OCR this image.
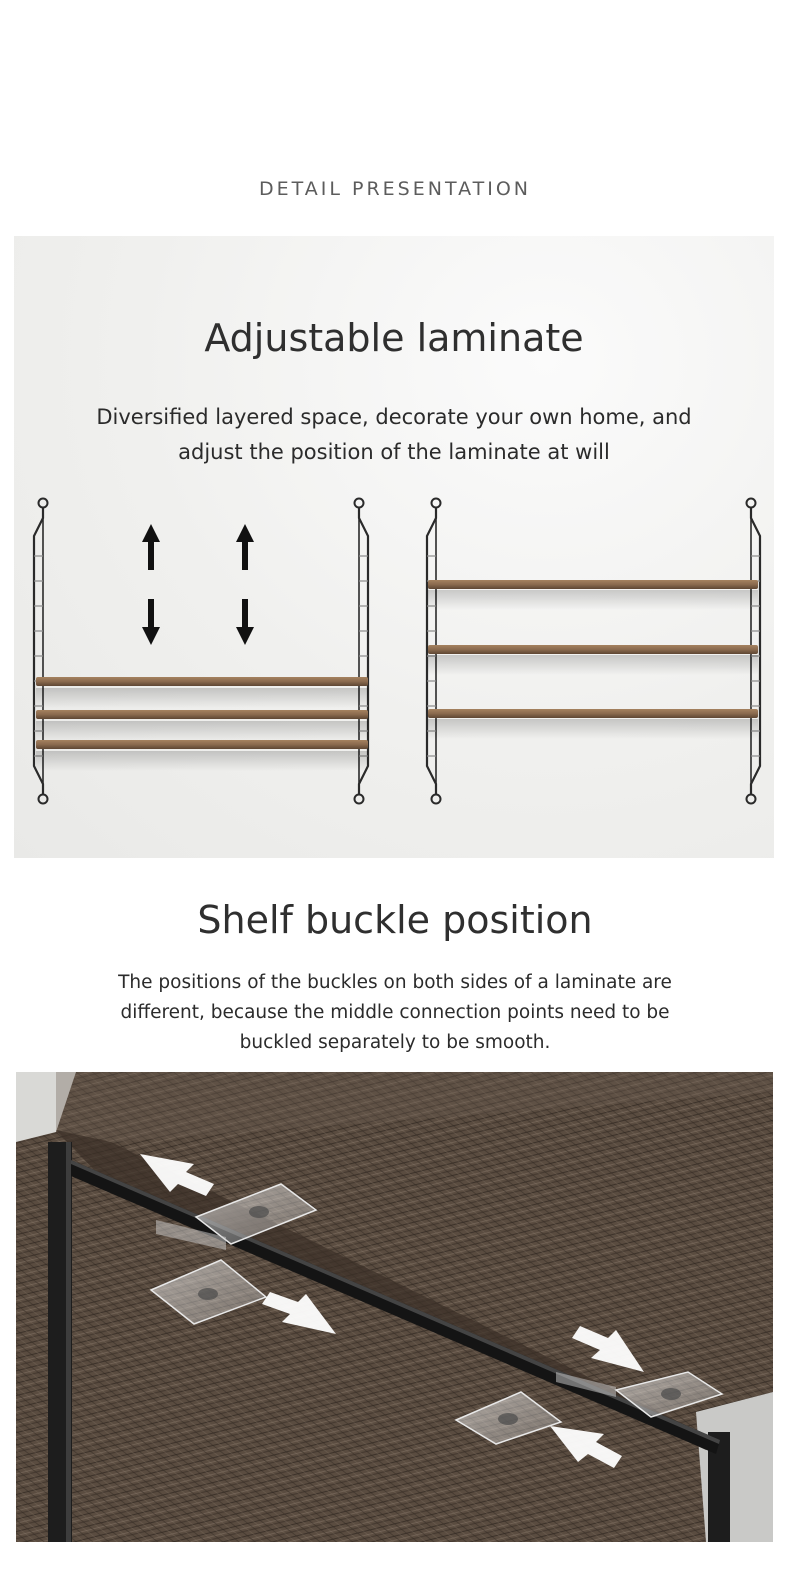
DETAIL PRESENTATION
Adjustable laminate
Diversified layered space, decorate your own home, and adjust the position of the laminate at will
Shelf buckle position
The positions of the buckles on both sides of a laminate are different, because the middle connection points need to be buckled separately to be smooth.
